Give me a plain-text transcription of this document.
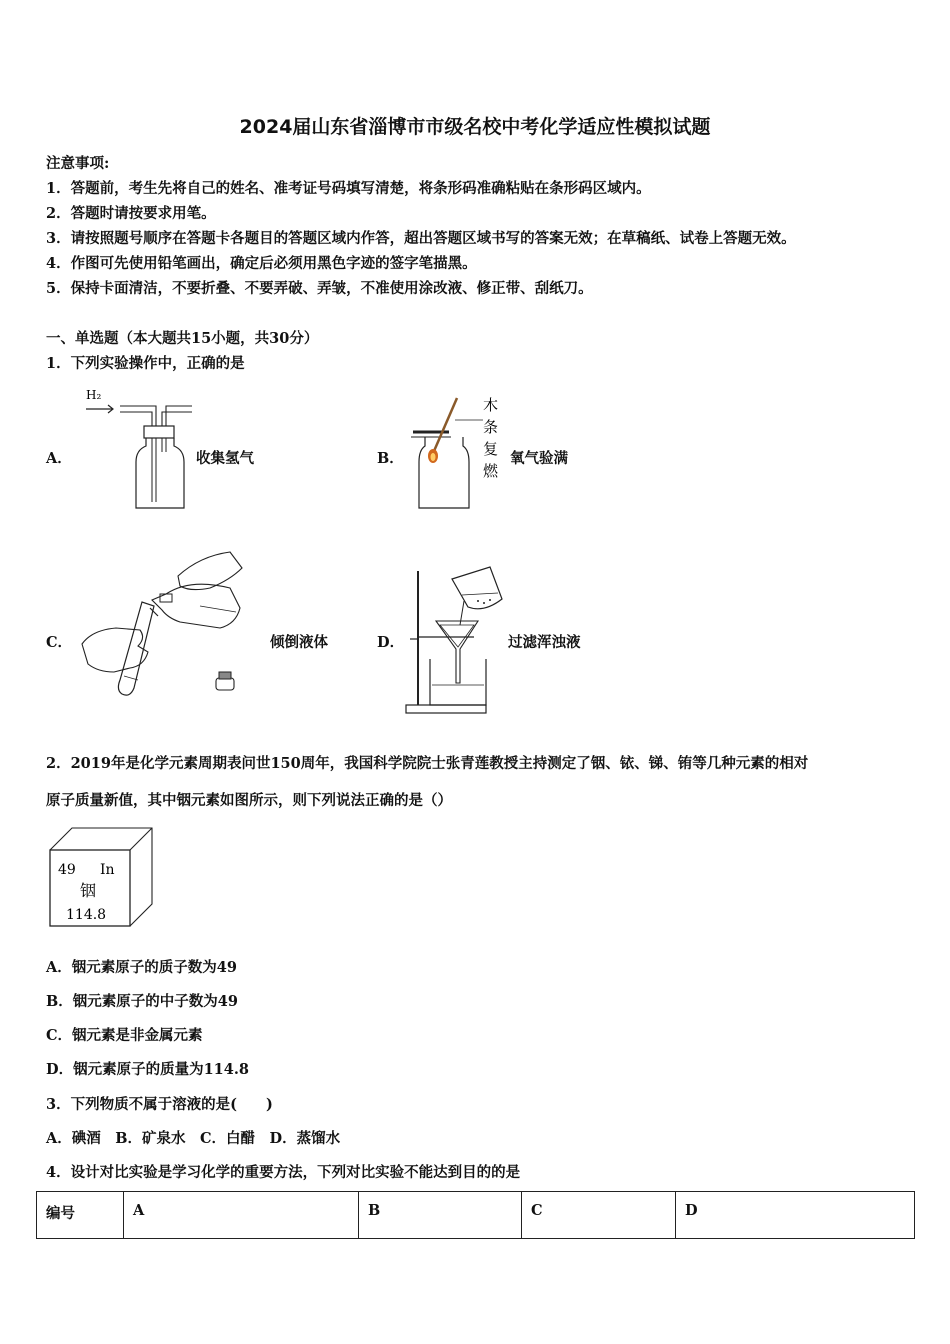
2024届山东省淄博市市级名校中考化学适应性模拟试题
注意事项:
1．答题前，考生先将自己的姓名、准考证号码填写清楚，将条形码准确粘贴在条形码区域内。
2．答题时请按要求用笔。
3．请按照题号顺序在答题卡各题目的答题区域内作答，超出答题区域书写的答案无效；在草稿纸、试卷上答题无效。
4．作图可先使用铅笔画出，确定后必须用黑色字迹的签字笔描黑。
5．保持卡面清洁，不要折叠、不要弄破、弄皱，不准使用涂改液、修正带、刮纸刀。
一、单选题（本大题共15小题，共30分）
1．下列实验操作中，正确的是
A．
H₂
收集氢气	B．
木
条
复
燃
氧气验满
C．	倾倒液体	D．	过滤浑浊液
2．2019年是化学元素周期表问世150周年，我国科学院院士张青莲教授主持测定了铟、铱、锑、铕等几种元素的相对
原子质量新值，其中铟元素如图所示，则下列说法正确的是（）
49 In
铟
114.8
A．铟元素原子的质子数为49
B．铟元素原子的中子数为49
C．铟元素是非金属元素
D．铟元素原子的质量为114.8
3．下列物质不属于溶液的是(　　)
A．碘酒　B．矿泉水　C．白醋　D．蒸馏水
4．设计对比实验是学习化学的重要方法，下列对比实验不能达到目的的是
编号	A	B	C	D
